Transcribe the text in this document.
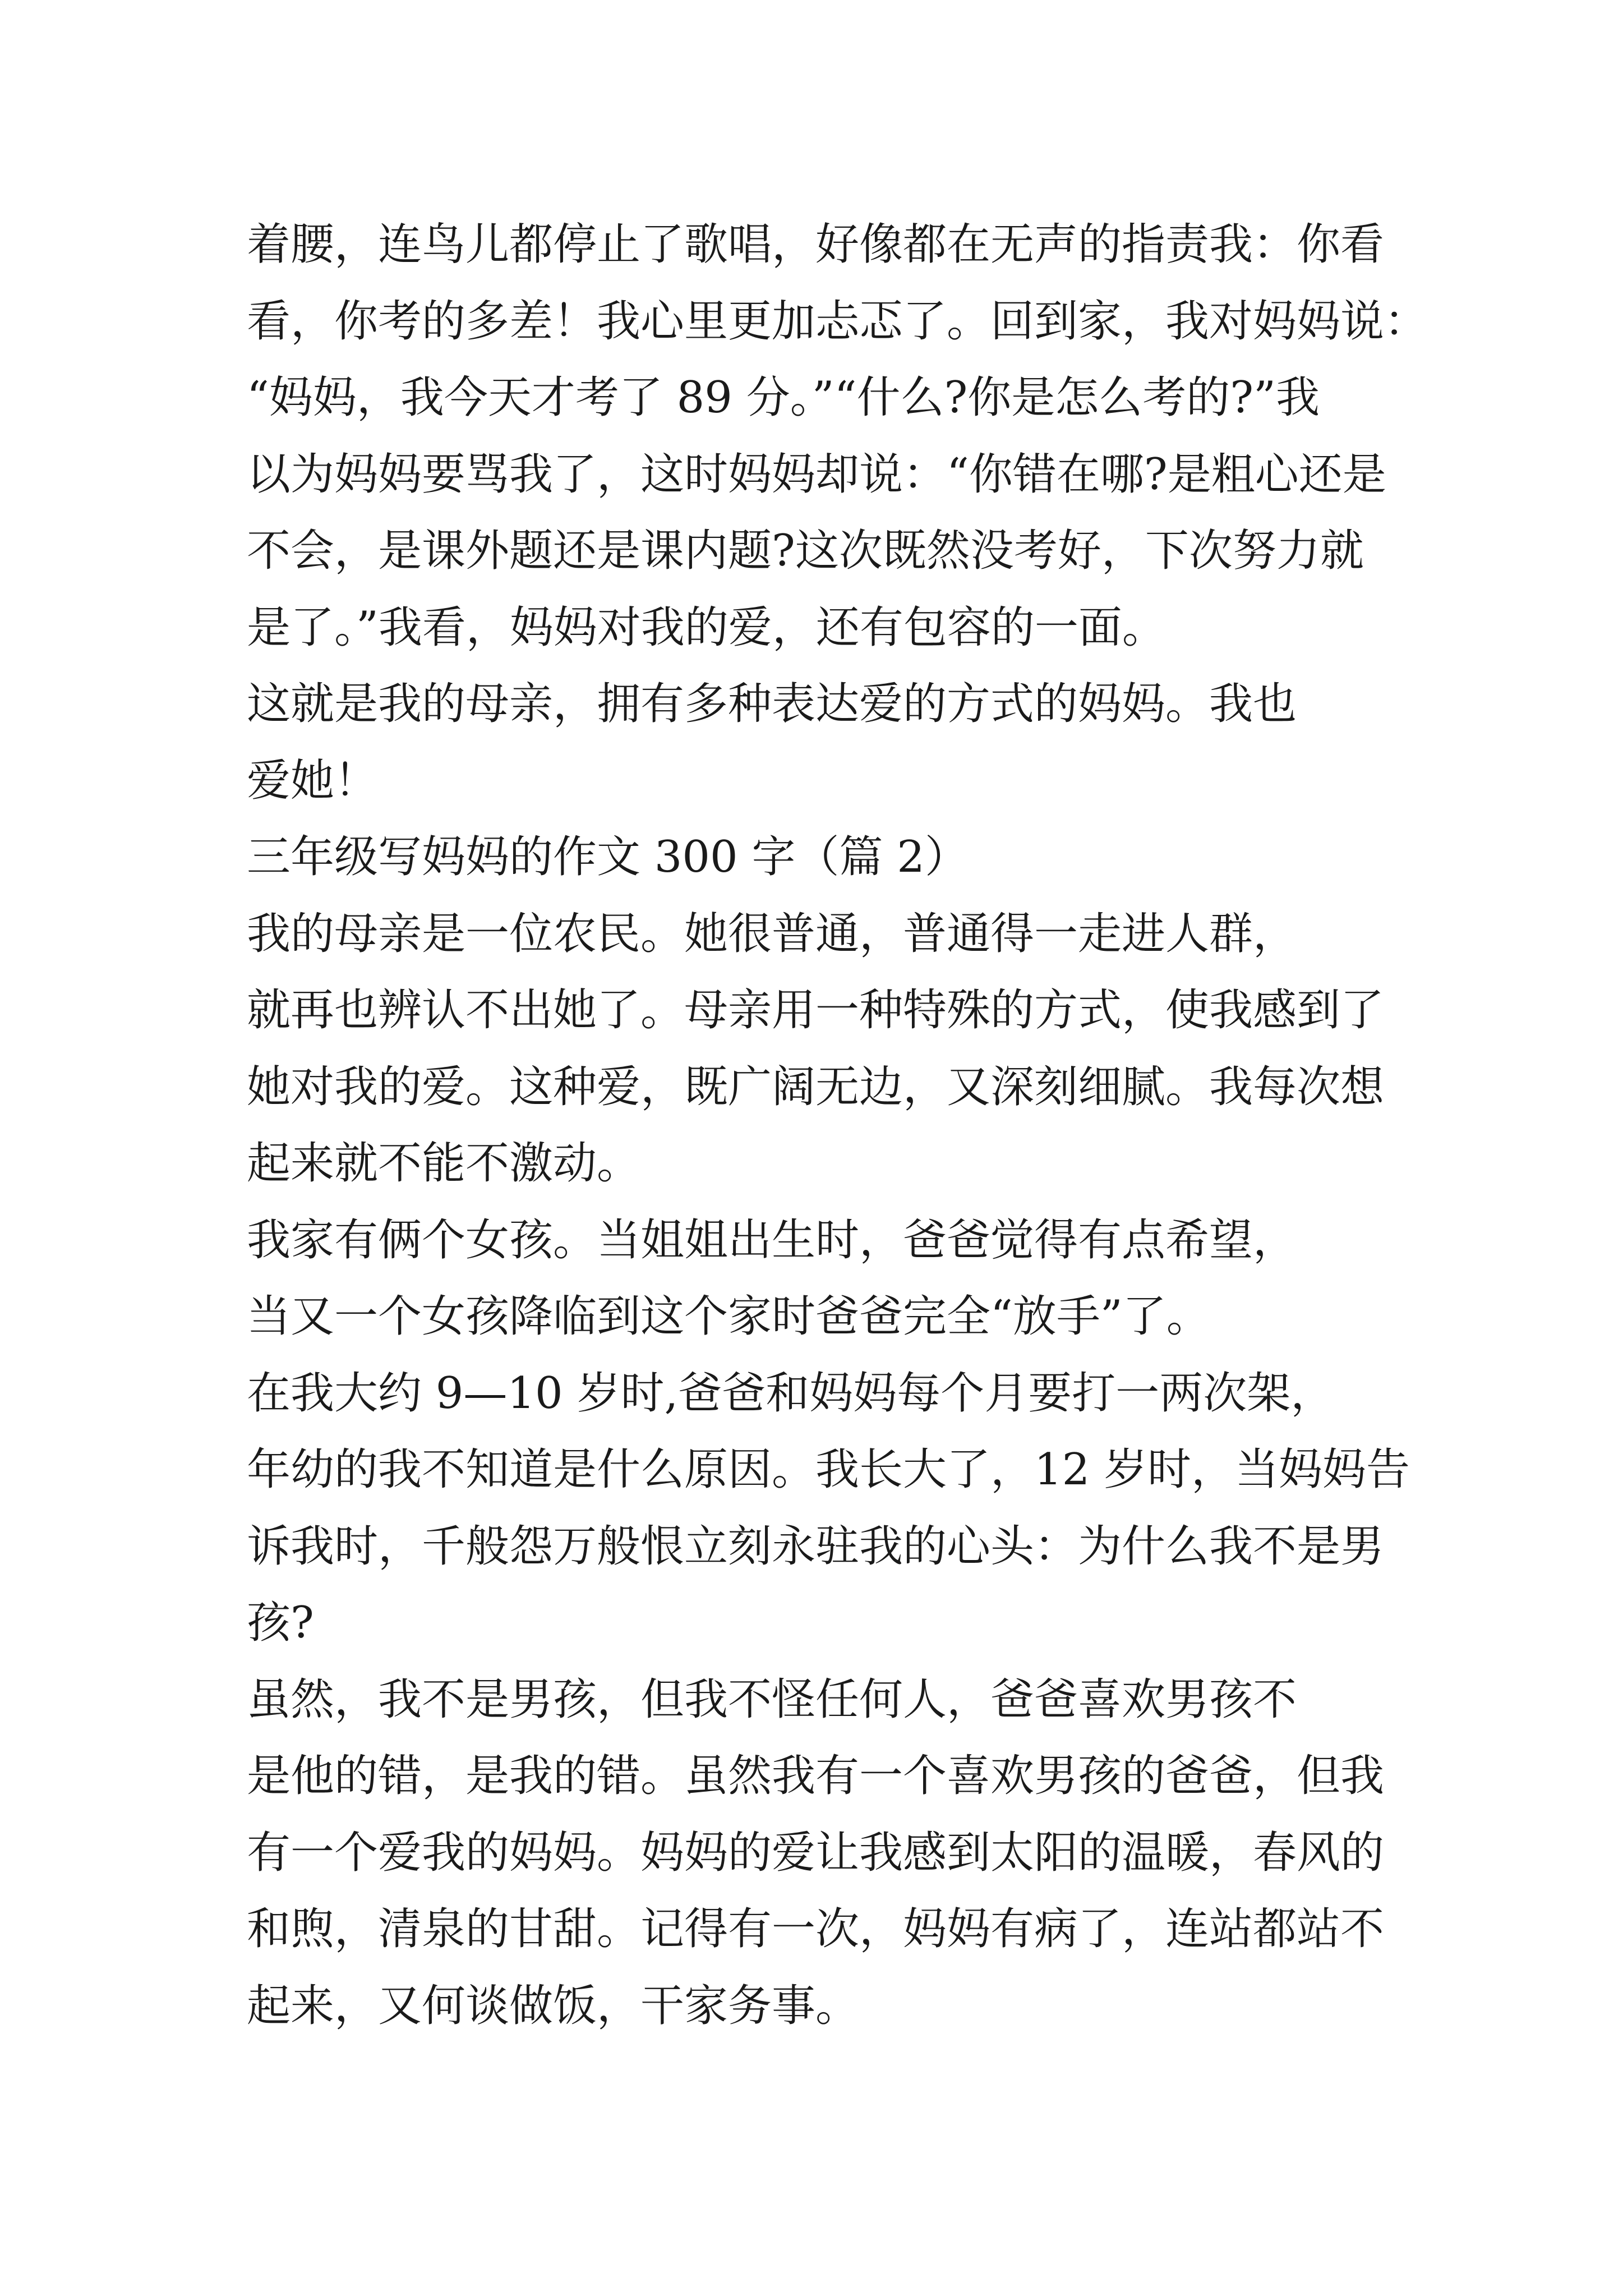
着腰，连鸟儿都停止了歌唱，好像都在无声的指责我：你看

看，你考的多差！我心里更加忐忑了。回到家，我对妈妈说：

“妈妈，我今天才考了 89 分。”“什么?你是怎么考的?”我

以为妈妈要骂我了，这时妈妈却说：“你错在哪?是粗心还是

不会，是课外题还是课内题?这次既然没考好，下次努力就

是了。”我看，妈妈对我的爱，还有包容的一面。

这就是我的母亲，拥有多种表达爱的方式的妈妈。我也

爱她！

三年级写妈妈的作文 300 字（篇 2）

我的母亲是一位农民。她很普通，普通得一走进人群，

就再也辨认不出她了。母亲用一种特殊的方式，使我感到了

她对我的爱。这种爱，既广阔无边，又深刻细腻。我每次想

起来就不能不激动。

我家有俩个女孩。当姐姐出生时，爸爸觉得有点希望，

当又一个女孩降临到这个家时爸爸完全“放手”了。

在我大约 9—10 岁时,爸爸和妈妈每个月要打一两次架，

年幼的我不知道是什么原因。我长大了，12 岁时，当妈妈告

诉我时，千般怨万般恨立刻永驻我的心头：为什么我不是男

孩?

虽然，我不是男孩，但我不怪任何人，爸爸喜欢男孩不

是他的错，是我的错。虽然我有一个喜欢男孩的爸爸，但我

有一个爱我的妈妈。妈妈的爱让我感到太阳的温暖，春风的

和煦，清泉的甘甜。记得有一次，妈妈有病了，连站都站不

起来，又何谈做饭，干家务事。
